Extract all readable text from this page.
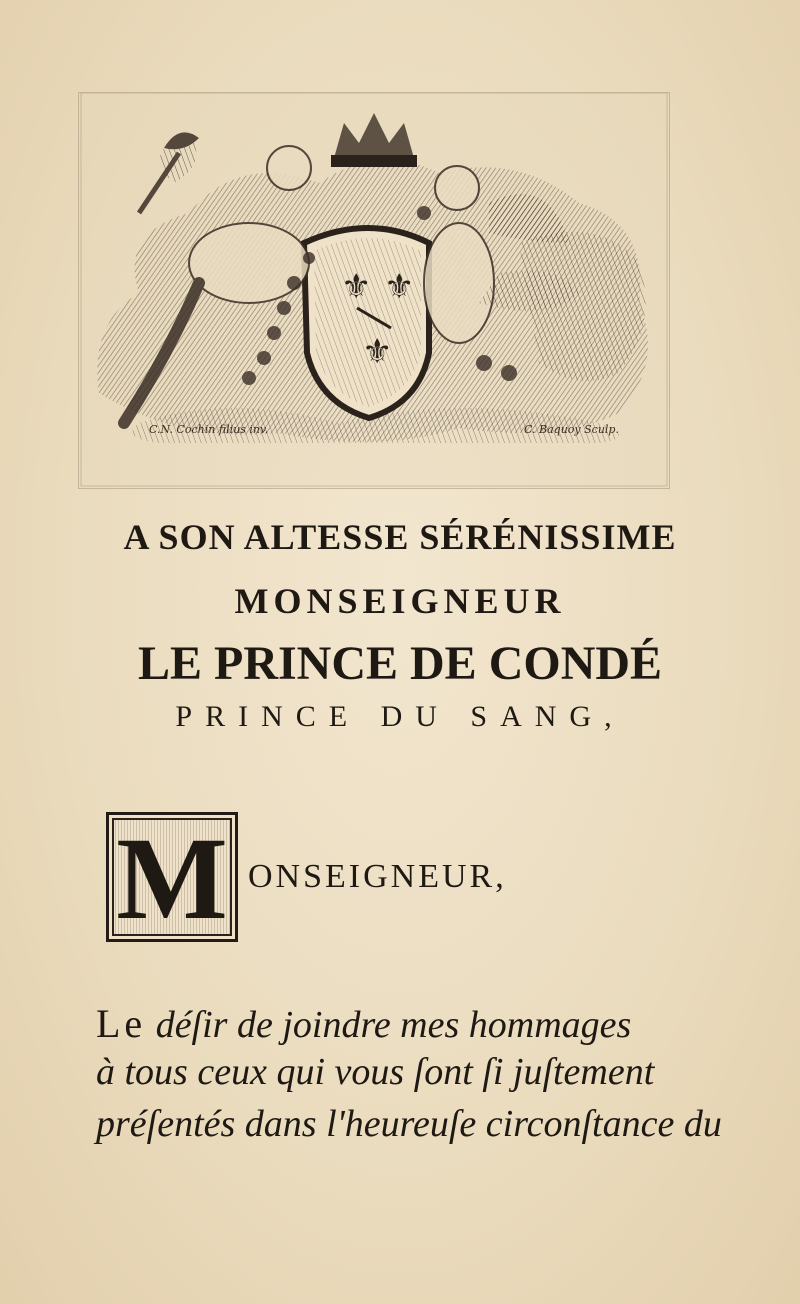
⚜ ⚜
⚜
C.N. Cochin filius inv.	C. Baquoy Sculp.
A SON ALTESSE SÉRÉNISSIME
MONSEIGNEUR
LE PRINCE DE CONDÉ
PRINCE DU SANG,
M ONSEIGNEUR,
Le déſir de joindre mes hommages
à tous ceux qui vous ſont ſi juſtement
préſentés dans l'heureuſe circonſtance du
